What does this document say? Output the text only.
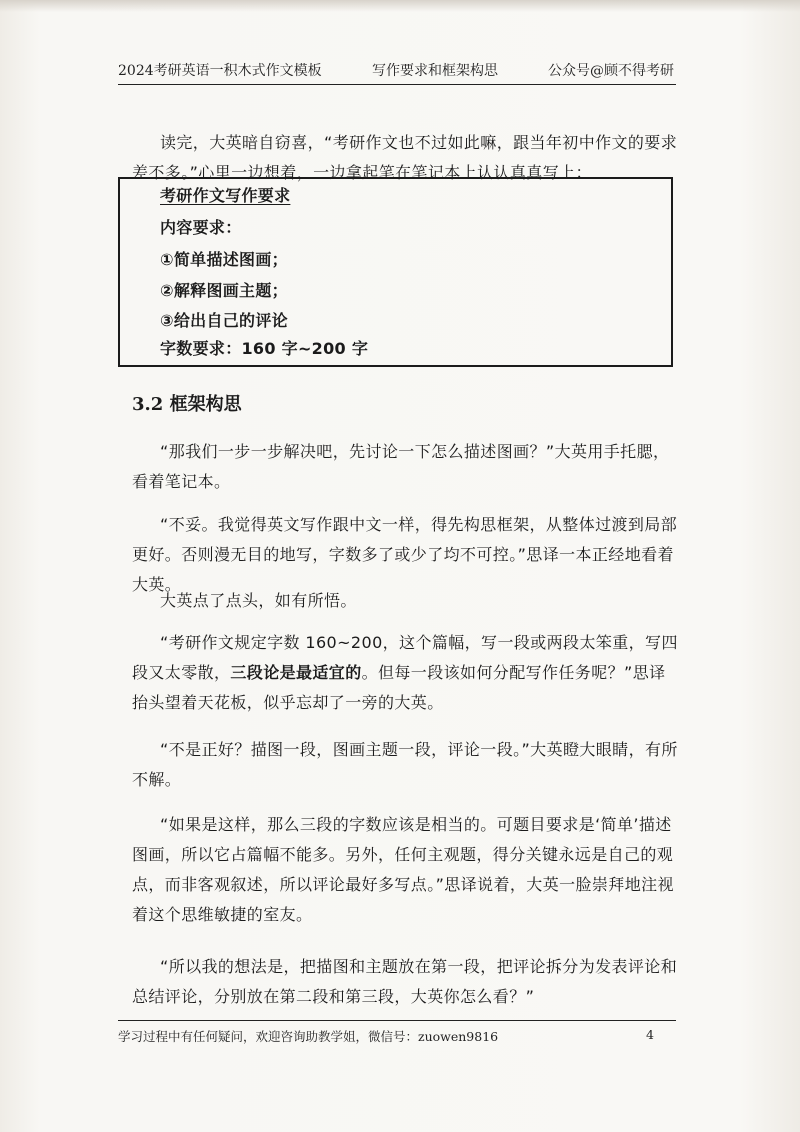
2024考研英语一积木式作文模板	写作要求和框架构思	公众号@顾不得考研

读完，大英暗自窃喜，“考研作文也不过如此嘛，跟当年初中作文的要求差不多。”心里一边想着，一边拿起笔在笔记本上认认真真写上：

考研作文写作要求
内容要求：
①简单描述图画；
②解释图画主题；
③给出自己的评论
字数要求：160 字~200 字
3.2 框架构思

“那我们一步一步解决吧，先讨论一下怎么描述图画？”大英用手托腮，看着笔记本。

“不妥。我觉得英文写作跟中文一样，得先构思框架，从整体过渡到局部更好。否则漫无目的地写，字数多了或少了均不可控。”思译一本正经地看着大英。

大英点了点头，如有所悟。

“考研作文规定字数 160~200，这个篇幅，写一段或两段太笨重，写四段又太零散，三段论是最适宜的。但每一段该如何分配写作任务呢？”思译抬头望着天花板，似乎忘却了一旁的大英。

“不是正好？描图一段，图画主题一段，评论一段。”大英瞪大眼睛，有所不解。

“如果是这样，那么三段的字数应该是相当的。可题目要求是‘简单’描述图画，所以它占篇幅不能多。另外，任何主观题，得分关键永远是自己的观点，而非客观叙述，所以评论最好多写点。”思译说着，大英一脸崇拜地注视着这个思维敏捷的室友。

“所以我的想法是，把描图和主题放在第一段，把评论拆分为发表评论和总结评论，分别放在第二段和第三段，大英你怎么看？”

学习过程中有任何疑问，欢迎咨询助教学姐，微信号：zuowen9816	4
